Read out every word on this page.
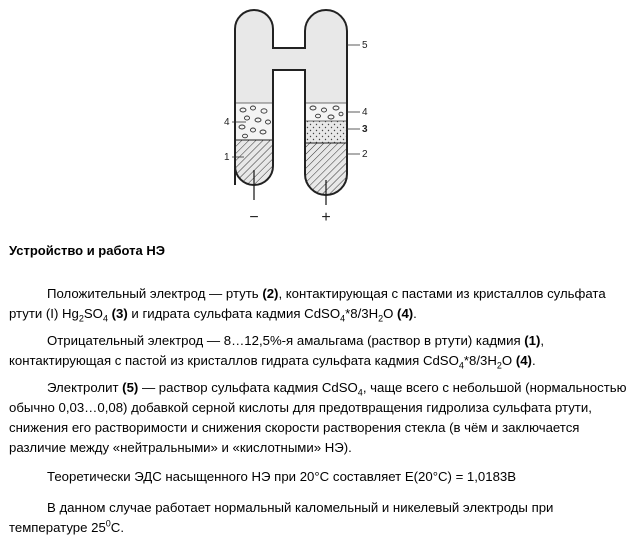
5
4
3
2
4
1
−	+
Устройство и работа НЭ

Положительный электрод — ртуть (2), контактирующая с пастами из кристаллов сульфата ртути (I) $Hg_2SO_4$ (3) и гидрата сульфата кадмия $CdSO_4*8/3H_2O$ (4).

Отрицательный электрод — 8…12,5%-я амальгама (раствор в ртути) кадмия (1), контактирующая с пастой из кристаллов гидрата сульфата кадмия $CdSO_4*8/3H_2O$ (4).

Электролит (5) — раствор сульфата кадмия CdSO$_4$, чаще всего с небольшой (нормальностью обычно 0,03…0,08) добавкой серной кислоты для предотвращения гидролиза сульфата ртути, снижения его растворимости и снижения скорости растворения стекла (в чём и заключается различие между «нейтральными» и «кислотными» НЭ).

Теоретически ЭДС насыщенного НЭ при 20°С составляет Е(20°С) = 1,0183В

В данном случае работает нормальный каломельный и никелевый электроды при температуре $25^0С$.
